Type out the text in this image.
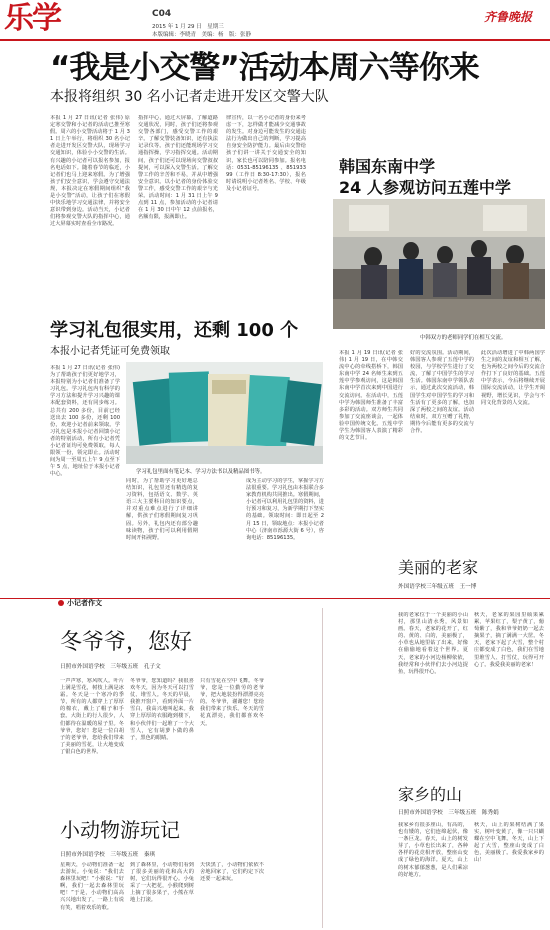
乐学	C04
2015 年 1 月 29 日　星期三
本版编辑：李晓青　美编：杨　版：张静
齐鲁晚报
“我是小交警”活动本周六等你来
本报将组织 30 名小记者走进开发区交警大队
本报 1 月 27 日讯(记者 张伟) 原定寒交警和小记者的活动已推至寒假。周六的小交警活动将于 1 月 31 日上午举行，将组织 30 名小记者走进开发区交警大队，现场学习交通知识，体验小小交警的生活。有兴趣的小记者可以报名参加，报名电话如下。随着春节的临近，小记者们也马上迎来寒假。为了增强孩子们安全意识，学会遵守交通法规，本报决定在寒假期间组织“我是小交警”活动，让孩子们在寒假中快乐地学习交通法律，并将安全意识带到身边。活动当天，小记者们将参观交警大队的指挥中心，通过大屏幕实时查看全市路况。
指挥中心，通过大屏幕，了解道路交通状况，同时，孩子们还将参观交警各部门，感受交警工作的艰辛。了解交警装备知识，还有执法记录仪等。孩子们还能现场学习交通指挥操，学习指挥交通。活动期间，孩子们还可以现场向交警叔叔提问，可以深入交警生活。了解交警工作的辛苦和不易，并从中增强安全意识。以小记者的身份体验交警工作，感受交警工作的艰辛与光荣。活动时间：1 月 31 日上午 9 点到 11 点，参加活动的小记者请在 1 月 30 日中午 12 点前报名，名额有限，报满即止。
律宣传，以一名小记者的身份来考虑一下，怎样做才能减少交通事故的发生。对身边可能发生的交通违法行为做出自己的判断，学习提高自身安全防护能力。最后由交警给孩子们讲一讲关于交通安全的知识，家长也可以陪同参加。报名电话：0531-85196135 、85193399（工作日 8:30-17:30），报名时请说明小记者姓名、学校、年级及小记者证号。
学习礼包很实用，还剩 100 个
本报小记者凭证可免费领取
本报 1 月 27 日讯(记者 张伟) 为了帮助孩子们更好地学习，本报特别为小记者们准备了学习礼包。学习礼包内有科学的学习方法和提升学习兴趣的课本配套资料，还有同步练习。总共有 200 多份，目前已经送出去 100 多份，还剩 100 份，欢迎小记者前来领取。学习礼包是本报小记者回馈小记者的特别活动，所有小记者凭小记者证均可免费领取，每人限领一份，领完即止。活动时间为周一至周五上午 9 点至下午 5 点，地址位于本报小记者中心。	学习礼包里面有笔记本、学习方法书以及精品图书等。
同时，为了帮助学习更好地总结知识，礼包里还有精选的复习资料，包括语文、数学、英语三大主要科目的知识要点，并对重点难点进行了详细讲解，供孩子们寒假期间复习巩固。另外，礼包内还有部分趣味读物，孩子们可以利用假期时间开拓视野。
成为主动学习的学生，掌握学习方法很重要。学习礼包由本报联合多家教育机构共同推出。寒假期间，小记者可以利用礼包里的资料，进行预习和复习，为新学期打下坚实的基础。领取时间：即日起至 2 月 15 日，领取地点：本报小记者中心（济南市泺源大街 6 号），咨询电话：85196135。
韩国东南中学
24 人参观访问五莲中学
中韩双方的老师同学们在相互交流。
本报 1 月 19 日讯(记者 张伟) 1 月 19 日，在中韩交流中心的牵线搭桥下，韩国东南中学 24 名师生来到五莲中学参观访问，这是韩国东南中学首次来到中国进行交流访问。在活动中，五莲中学为韩国师生准备了丰富多彩的活动。双方师生共同参加了交流座谈会，一起体验中国传统文化。五莲中学学生为韩国客人表演了精彩的文艺节目。
好的交流氛围。活动期间，韩国客人参观了五莲中学的校园，与学校学生进行了交流，了解了中国学生的学习生活。韩国东南中学领队表示，通过此次交流活动，韩国学生对中国学生的学习和生活有了更多的了解，也加深了两校之间的友谊。活动结束时，双方互赠了礼物，期待今后能有更多的交流与合作。
此次活动增进了中韩两国学生之间的友谊和相互了解，也为两校之间今后的交流合作打下了良好的基础。五莲中学表示，今后将继续开展国际交流活动，让学生开阔视野，增长见识，学会与不同文化背景的人交流。
小记者作文
冬爷爷，您好
日照市外国语学校　三年级五班　孔子文
一声声寒，寒风吹人。叶片上满是雪花，树枝上满是冰霜。冬天是一个寒冷的季节，所有的人都穿上了厚厚的棉衣，戴上了帽子和手套。大街上的行人很少，人们都待在温暖的屋子里。冬爷爷，您好！您是一位白胡子的老爷爷，您给我们带来了美丽的雪花，让大地变成了银白色的世界。
冬爷爷，您知道吗？我很喜欢冬天，因为冬天可以打雪仗、堆雪人。冬天的早晨，我推开窗户，看到外面一片雪白，我高兴地叫起来。我穿上厚厚的衣服跑到楼下，和小伙伴们一起堆了一个大雪人，它有胡萝卜做的鼻子，黑色的眼睛。
只有雪花在空中飞舞。冬爷爷，您是一位勤劳的老爷爷，把大地装扮得漂漂亮亮的。冬爷爷，谢谢您！您给我们带来了快乐。冬天的雪花真漂亮，我们都喜欢冬天。
小动物游玩记
日照市外国语学校　三年级五班　秦琪
星期天，小动物们准备一起去游玩。小兔说：“我们去森林里玩吧！”小猴说：“好啊，我们一起去森林里玩吧！”于是，小动物们高高兴兴地出发了，一路上有说有笑，唱着欢乐的歌。
到了森林里，小动物们看到了很多美丽的花和高大的树，它们玩得很开心。小兔采了一大把花，小猴爬到树上摘了很多果子，小熊在草地上打滚。
天快黑了，小动物们依依不舍地回家了，它们约定下次还要一起来玩。
美丽的老家
外国语学校三年级五班　王一博
我的老家位于一个美丽的小山村，那里山清水秀，风景如画。春天，老家的花开了，红的、黄的、白的，美丽极了，小草也从地里钻了出来，好像在偷偷地看着这个世界。夏天，老家的小河边杨柳依依，我经常和小伙伴们去小河边捉鱼，玩得很开心。
秋天，老家的果园里硕果累累，苹果红了，梨子黄了，葡萄紫了，我和爷爷奶奶一起去摘果子，摘了满满一大筐。冬天，老家下起了大雪，整个村庄都变成了白色，我们在雪地里堆雪人、打雪仗，玩得可开心了。我爱我美丽的老家！
家乡的山
日照市外国语学校　三年级五班　陈秀娟
我家乡有很多座山，有高的，也有矮的，它们连绵起伏，像一条巨龙。春天，山上的树发芽了，小草也长出来了，各种各样的花竞相开放，整座山变成了绿色的海洋。夏天，山上的树木郁郁葱葱，是人们乘凉的好地方。
秋天，山上的果树结满了果实，树叶变黄了，像一只只蝴蝶在空中飞舞。冬天，山上下起了大雪，整座山变成了白色，美丽极了。我爱我家乡的山！
